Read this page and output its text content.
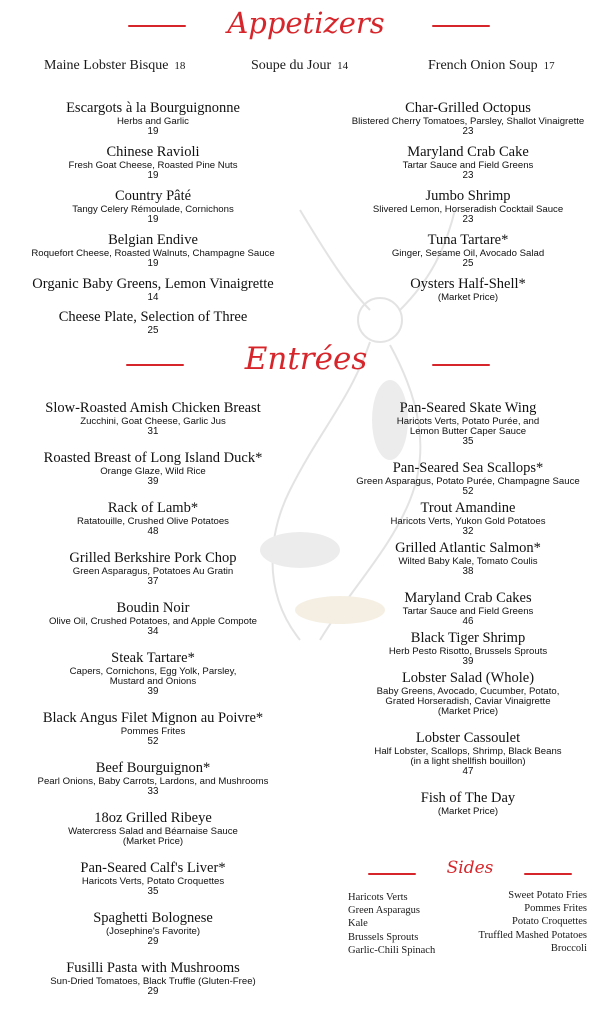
Appetizers
Maine Lobster Bisque 18	Soupe du Jour 14	French Onion Soup 17
Escargots à la Bourguignonne
Herbs and Garlic
19
Chinese Ravioli
Fresh Goat Cheese, Roasted Pine Nuts
19
Country Pâté
Tangy Celery Rémoulade, Cornichons
19
Belgian Endive
Roquefort Cheese, Roasted Walnuts, Champagne Sauce
19
Organic Baby Greens, Lemon Vinaigrette
14
Cheese Plate, Selection of Three
25
Char-Grilled Octopus
Blistered Cherry Tomatoes, Parsley, Shallot Vinaigrette
23
Maryland Crab Cake
Tartar Sauce and Field Greens
23
Jumbo Shrimp
Slivered Lemon, Horseradish Cocktail Sauce
23
Tuna Tartare*
Ginger, Sesame Oil, Avocado Salad
25
Oysters Half-Shell*
(Market Price)
Entrées
Slow-Roasted Amish Chicken Breast
Zucchini, Goat Cheese, Garlic Jus
31
Roasted Breast of Long Island Duck*
Orange Glaze, Wild Rice
39
Rack of Lamb*
Ratatouille, Crushed Olive Potatoes
48
Grilled Berkshire Pork Chop
Green Asparagus, Potatoes Au Gratin
37
Boudin Noir
Olive Oil, Crushed Potatoes, and Apple Compote
34
Steak Tartare*
Capers, Cornichons, Egg Yolk, Parsley,
Mustard and Onions
39
Black Angus Filet Mignon au Poivre*
Pommes Frites
52
Beef Bourguignon*
Pearl Onions, Baby Carrots, Lardons, and Mushrooms
33
18oz Grilled Ribeye
Watercress Salad and Béarnaise Sauce
(Market Price)
Pan-Seared Calf's Liver*
Haricots Verts, Potato Croquettes
35
Spaghetti Bolognese
(Josephine's Favorite)
29
Fusilli Pasta with Mushrooms
Sun-Dried Tomatoes, Black Truffle (Gluten-Free)
29
Pan-Seared Skate Wing
Haricots Verts, Potato Purée, and
Lemon Butter Caper Sauce
35
Pan-Seared Sea Scallops*
Green Asparagus, Potato Purée, Champagne Sauce
52
Trout Amandine
Haricots Verts, Yukon Gold Potatoes
32
Grilled Atlantic Salmon*
Wilted Baby Kale, Tomato Coulis
38
Maryland Crab Cakes
Tartar Sauce and Field Greens
46
Black Tiger Shrimp
Herb Pesto Risotto, Brussels Sprouts
39
Lobster Salad (Whole)
Baby Greens, Avocado, Cucumber, Potato,
Grated Horseradish, Caviar Vinaigrette
(Market Price)
Lobster Cassoulet
Half Lobster, Scallops, Shrimp, Black Beans
(in a light shellfish bouillon)
47
Fish of The Day
(Market Price)
Sides
Haricots Verts
Green Asparagus
Kale
Brussels Sprouts
Garlic-Chili Spinach
Sweet Potato Fries
Pommes Frites
Potato Croquettes
Truffled Mashed Potatoes
Broccoli
